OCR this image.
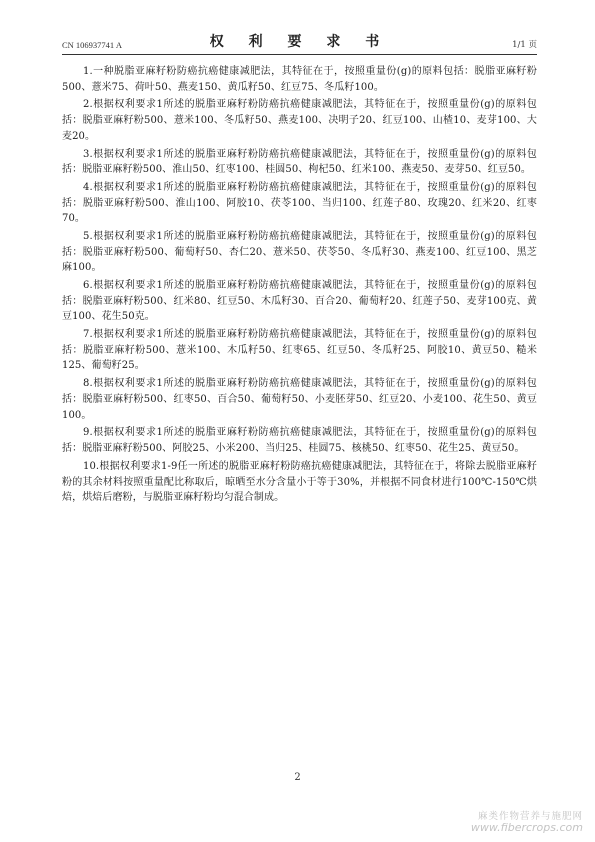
CN 106937741 A	权 利 要 求 书	1/1 页

1.一种脱脂亚麻籽粉防癌抗癌健康减肥法，其特征在于，按照重量份(g)的原料包括：脱脂亚麻籽粉500、薏米75、荷叶50、燕麦150、黄瓜籽50、红豆75、冬瓜籽100。

2.根据权利要求1所述的脱脂亚麻籽粉防癌抗癌健康减肥法，其特征在于，按照重量份(g)的原料包括：脱脂亚麻籽粉500、薏米100、冬瓜籽50、燕麦100、决明子20、红豆100、山楂10、麦芽100、大麦20。

3.根据权利要求1所述的脱脂亚麻籽粉防癌抗癌健康减肥法，其特征在于，按照重量份(g)的原料包括：脱脂亚麻籽粉500、淮山50、红枣100、桂圆50、枸杞50、红米100、燕麦50、麦芽50、红豆50。

4.根据权利要求1所述的脱脂亚麻籽粉防癌抗癌健康减肥法，其特征在于，按照重量份(g)的原料包括：脱脂亚麻籽粉500、淮山100、阿胶10、茯苓100、当归100、红莲子80、玫瑰20、红米20、红枣70。

5.根据权利要求1所述的脱脂亚麻籽粉防癌抗癌健康减肥法，其特征在于，按照重量份(g)的原料包括：脱脂亚麻籽粉500、葡萄籽50、杏仁20、薏米50、茯苓50、冬瓜籽30、燕麦100、红豆100、黑芝麻100。

6.根据权利要求1所述的脱脂亚麻籽粉防癌抗癌健康减肥法，其特征在于，按照重量份(g)的原料包括：脱脂亚麻籽粉500、红米80、红豆50、木瓜籽30、百合20、葡萄籽20、红莲子50、麦芽100克、黄豆100、花生50克。

7.根据权利要求1所述的脱脂亚麻籽粉防癌抗癌健康减肥法，其特征在于，按照重量份(g)的原料包括：脱脂亚麻籽粉500、薏米100、木瓜籽50、红枣65、红豆50、冬瓜籽25、阿胶10、黄豆50、糙米125、葡萄籽25。

8.根据权利要求1所述的脱脂亚麻籽粉防癌抗癌健康减肥法，其特征在于，按照重量份(g)的原料包括：脱脂亚麻籽粉500、红枣50、百合50、葡萄籽50、小麦胚芽50、红豆20、小麦100、花生50、黄豆100。

9.根据权利要求1所述的脱脂亚麻籽粉防癌抗癌健康减肥法，其特征在于，按照重量份(g)的原料包括：脱脂亚麻籽粉500、阿胶25、小米200、当归25、桂圆75、核桃50、红枣50、花生25、黄豆50。

10.根据权利要求1-9任一所述的脱脂亚麻籽粉防癌抗癌健康减肥法，其特征在于，将除去脱脂亚麻籽粉的其余材料按照重量配比称取后，晾晒至水分含量小于等于30%，并根据不同食材进行100℃-150℃烘焙，烘焙后磨粉，与脱脂亚麻籽粉均匀混合制成。

2
麻类作物营养与施肥网
www.fibercrops.com
